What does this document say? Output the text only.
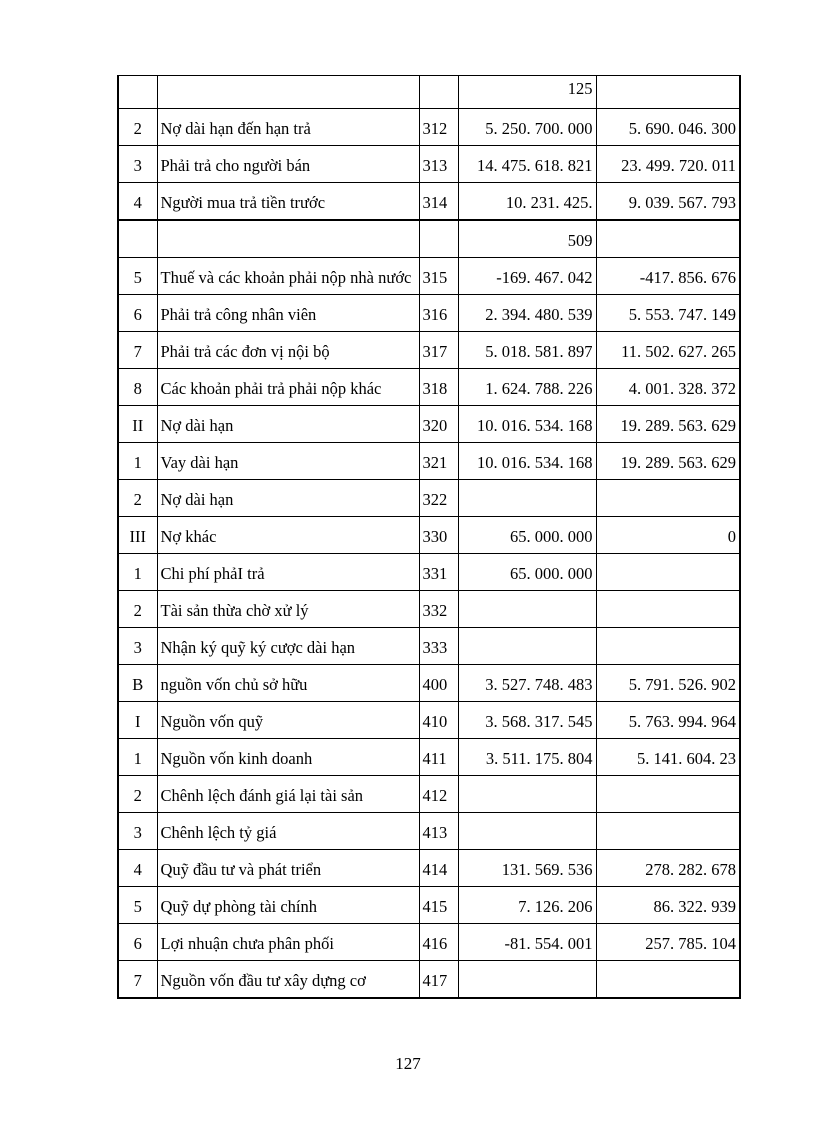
			125	
2	Nợ dài hạn đến hạn trả	312	5. 250. 700. 000	5. 690. 046. 300
3	Phải trả cho người bán	313	14. 475. 618. 821	23. 499. 720. 011
4	Người mua trả tiền trước	314	10. 231. 425.	9. 039. 567. 793
			509	
5	Thuế và các khoản phải nộp nhà nước	315	-169. 467. 042	-417. 856. 676
6	Phải trả công nhân viên	316	2. 394. 480. 539	5. 553. 747. 149
7	Phải trả các đơn vị nội bộ	317	5. 018. 581. 897	11. 502. 627. 265
8	Các khoản phải trả phải nộp khác	318	1. 624. 788. 226	4. 001. 328. 372
II	Nợ dài hạn	320	10. 016. 534. 168	19. 289. 563. 629
1	Vay dài hạn	321	10. 016. 534. 168	19. 289. 563. 629
2	Nợ dài hạn	322		
III	Nợ khác	330	65. 000. 000	0
1	Chi phí phảI trả	331	65. 000. 000	
2	Tài sản thừa chờ xử lý	332		
3	Nhận ký quỹ ký cược dài hạn	333		
B	nguồn vốn chủ sở hữu	400	3. 527. 748. 483	5. 791. 526. 902
I	Nguồn vốn quỹ	410	3. 568. 317. 545	5. 763. 994. 964
1	Nguồn vốn kinh doanh	411	3. 511. 175. 804	5. 141. 604. 23
2	Chênh lệch đánh giá lại tài sản	412		
3	Chênh lệch tỷ giá	413		
4	Quỹ đầu tư và phát triển	414	131. 569. 536	278. 282. 678
5	Quỹ dự phòng tài chính	415	7. 126. 206	86. 322. 939
6	Lợi nhuận chưa phân phối	416	-81. 554. 001	257. 785. 104
7	Nguồn vốn đầu tư xây dựng cơ	417		
127
